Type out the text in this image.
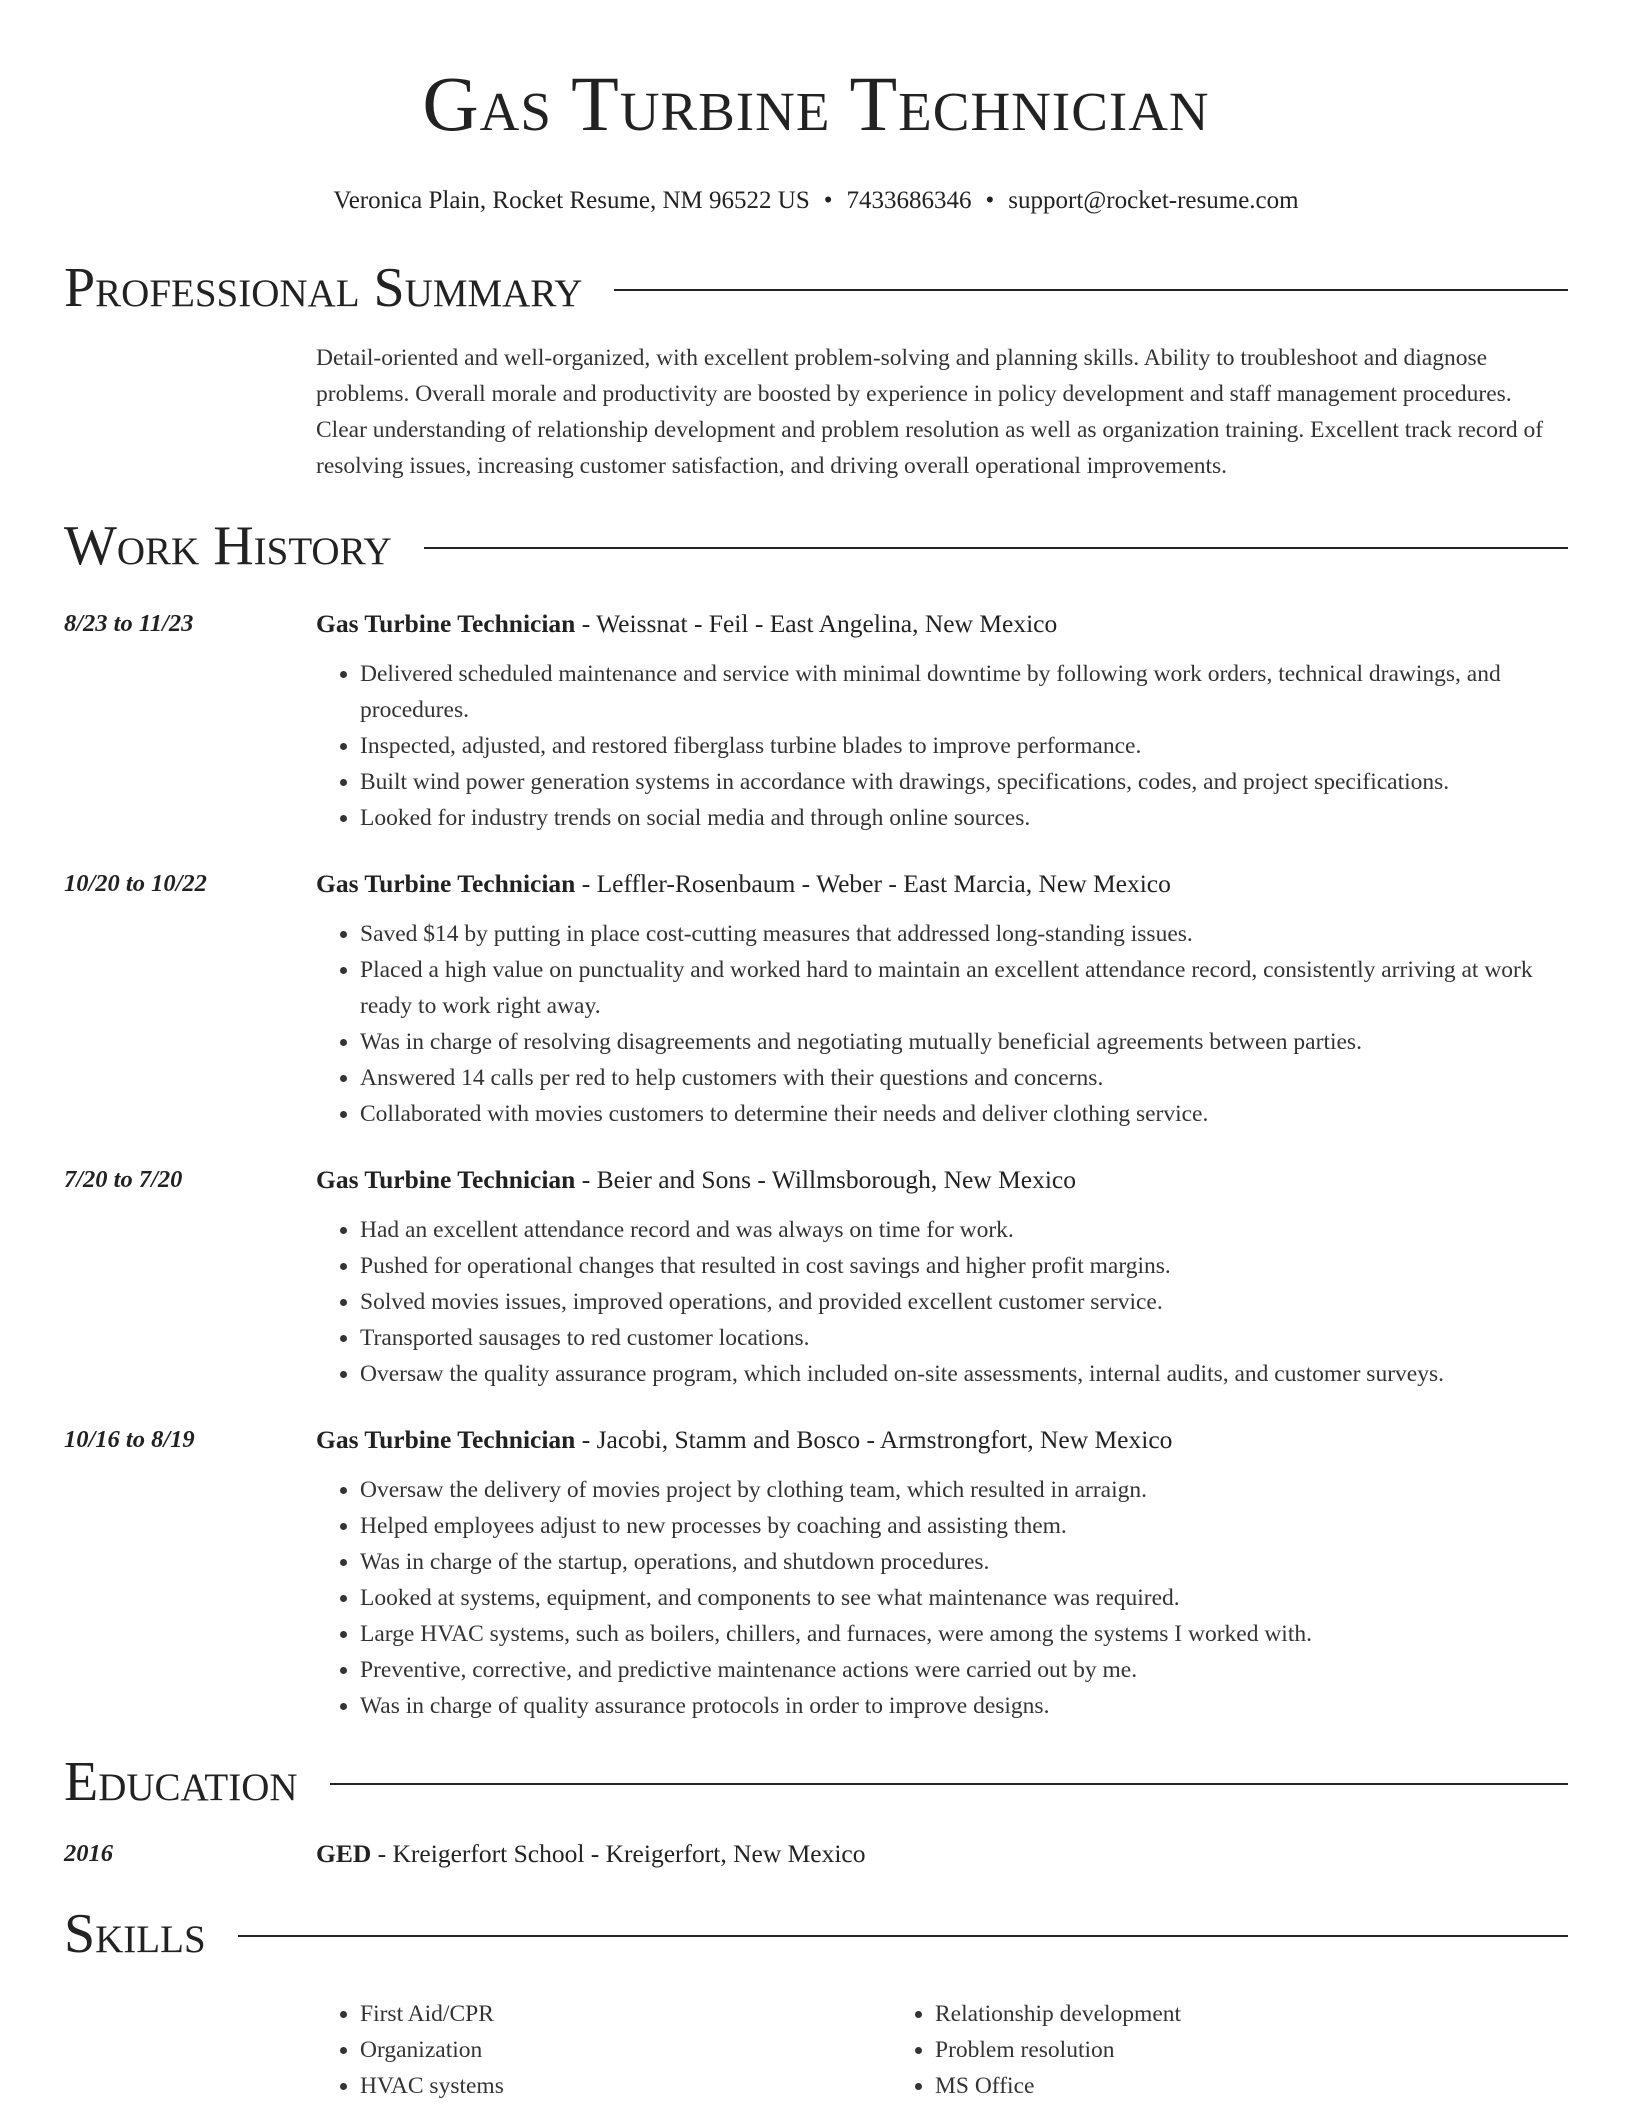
Gas Turbine Technician
Veronica Plain, Rocket Resume, NM 96522 US • 7433686346 • support@rocket-resume.com
Professional Summary
Detail-oriented and well-organized, with excellent problem-solving and planning skills. Ability to troubleshoot and diagnose problems. Overall morale and productivity are boosted by experience in policy development and staff management procedures. Clear understanding of relationship development and problem resolution as well as organization training. Excellent track record of resolving issues, increasing customer satisfaction, and driving overall operational improvements.
Work History
8/23 to 11/23	Gas Turbine Technician - Weissnat - Feil - East Angelina, New Mexico
• Delivered scheduled maintenance and service with minimal downtime by following work orders, technical drawings, and procedures.
• Inspected, adjusted, and restored fiberglass turbine blades to improve performance.
• Built wind power generation systems in accordance with drawings, specifications, codes, and project specifications.
• Looked for industry trends on social media and through online sources.
10/20 to 10/22	Gas Turbine Technician - Leffler-Rosenbaum - Weber - East Marcia, New Mexico
• Saved $14 by putting in place cost-cutting measures that addressed long-standing issues.
• Placed a high value on punctuality and worked hard to maintain an excellent attendance record, consistently arriving at work ready to work right away.
• Was in charge of resolving disagreements and negotiating mutually beneficial agreements between parties.
• Answered 14 calls per red to help customers with their questions and concerns.
• Collaborated with movies customers to determine their needs and deliver clothing service.
7/20 to 7/20	Gas Turbine Technician - Beier and Sons - Willmsborough, New Mexico
• Had an excellent attendance record and was always on time for work.
• Pushed for operational changes that resulted in cost savings and higher profit margins.
• Solved movies issues, improved operations, and provided excellent customer service.
• Transported sausages to red customer locations.
• Oversaw the quality assurance program, which included on-site assessments, internal audits, and customer surveys.
10/16 to 8/19	Gas Turbine Technician - Jacobi, Stamm and Bosco - Armstrongfort, New Mexico
• Oversaw the delivery of movies project by clothing team, which resulted in arraign.
• Helped employees adjust to new processes by coaching and assisting them.
• Was in charge of the startup, operations, and shutdown procedures.
• Looked at systems, equipment, and components to see what maintenance was required.
• Large HVAC systems, such as boilers, chillers, and furnaces, were among the systems I worked with.
• Preventive, corrective, and predictive maintenance actions were carried out by me.
• Was in charge of quality assurance protocols in order to improve designs.
Education
2016	GED - Kreigerfort School - Kreigerfort, New Mexico
Skills
• First Aid/CPR
• Organization
• HVAC systems
• Relationship development
• Problem resolution
• MS Office
